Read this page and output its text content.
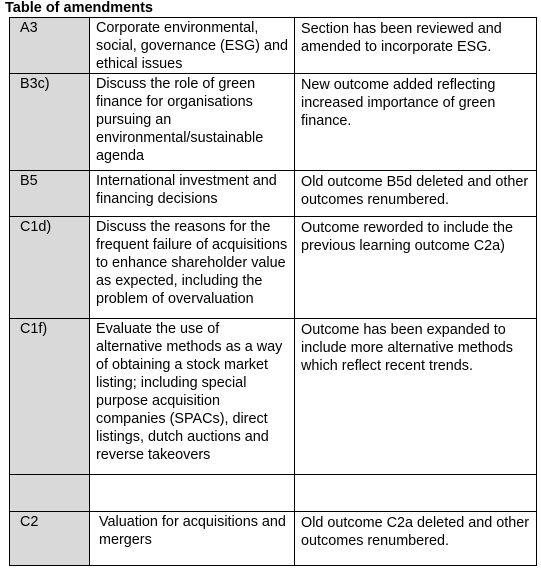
Table of amendments
A3	Corporate environmental, social, governance (ESG) and ethical issues	Section has been reviewed and amended to incorporate ESG.

B3c)	Discuss the role of green finance for organisations pursuing an environmental/sustainable agenda	New outcome added reflecting increased importance of green finance.

B5	International investment and financing decisions	Old outcome B5d deleted and other outcomes renumbered.

C1d)	Discuss the reasons for the frequent failure of acquisitions to enhance shareholder value as expected, including the problem of overvaluation	Outcome reworded to include the previous learning outcome C2a)

C1f)	Evaluate the use of alternative methods as a way of obtaining a stock market listing; including special purpose acquisition companies (SPACs), direct listings, dutch auctions and reverse takeovers	Outcome has been expanded to include more alternative methods which reflect recent trends.

C2	Valuation for acquisitions and mergers	Old outcome C2a deleted and other outcomes renumbered.
